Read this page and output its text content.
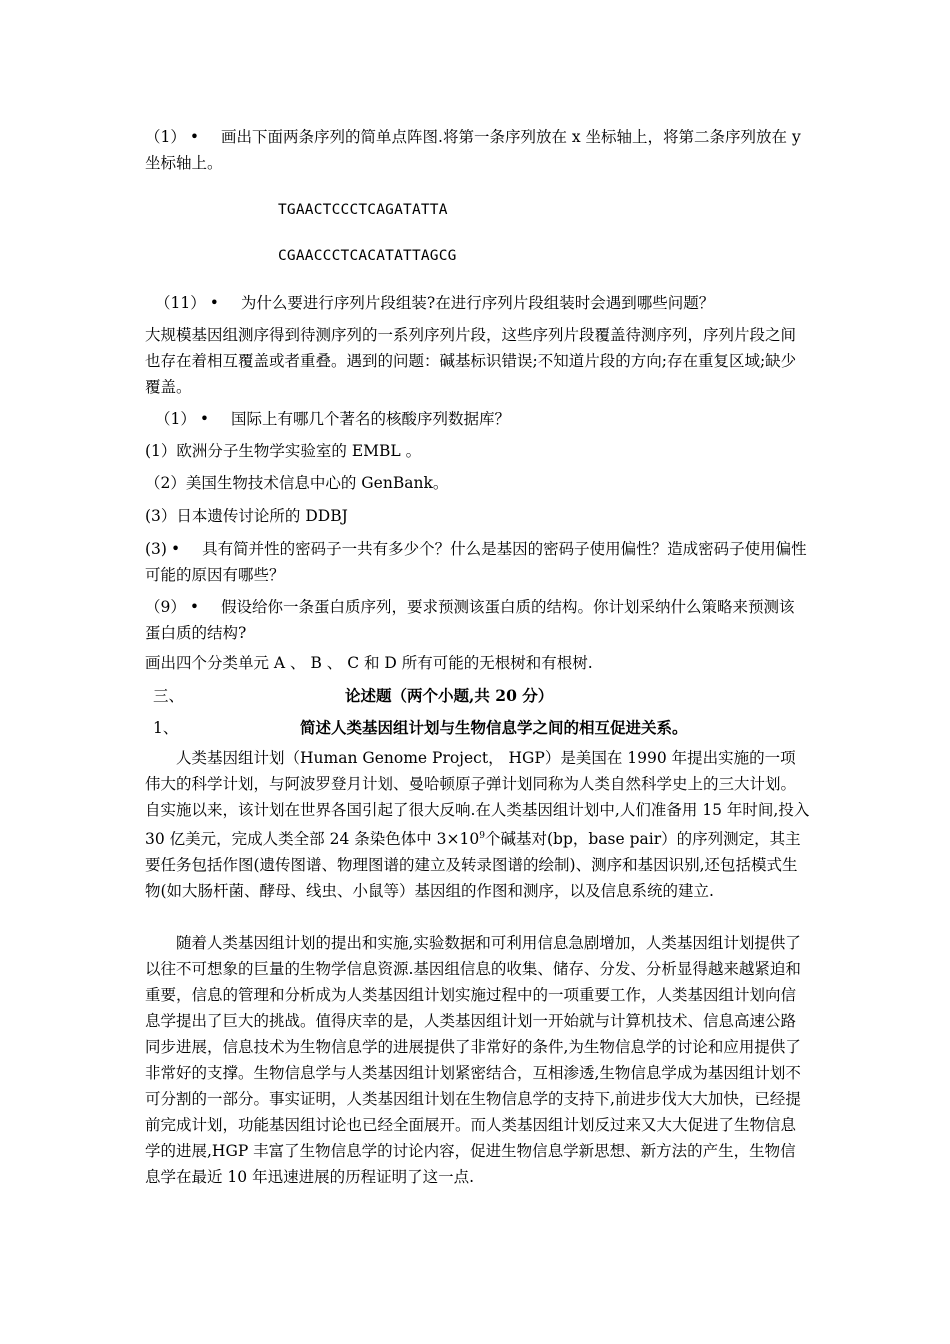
（1） • 画出下面两条序列的简单点阵图.将第一条序列放在 x 坐标轴上，将第二条序列放在 y 坐标轴上。

TGAACTCCCTCAGATATTA
CGAACCCTCACATATTAGCG

（11） • 为什么要进行序列片段组装?在进行序列片段组装时会遇到哪些问题？

大规模基因组测序得到待测序列的一系列序列片段，这些序列片段覆盖待测序列，序列片段之间也存在着相互覆盖或者重叠。遇到的问题：碱基标识错误;不知道片段的方向;存在重复区域;缺少覆盖。

（1） • 国际上有哪几个著名的核酸序列数据库？

(1）欧洲分子生物学实验室的 EMBL 。

（2）美国生物技术信息中心的 GenBank。

(3）日本遗传讨论所的 DDBJ

(3) • 具有简并性的密码子一共有多少个？什么是基因的密码子使用偏性？造成密码子使用偏性可能的原因有哪些？

（9） • 假设给你一条蛋白质序列，要求预测该蛋白质的结构。你计划采纳什么策略来预测该蛋白质的结构?

画出四个分类单元 A 、 B 、 C 和 D 所有可能的无根树和有根树.

三、	论述题（两个小题,共 20 分）
1、	简述人类基因组计划与生物信息学之间的相互促进关系。

人类基因组计划（Human Genome Project， HGP）是美国在 1990 年提出实施的一项伟大的科学计划，与阿波罗登月计划、曼哈顿原子弹计划同称为人类自然科学史上的三大计划。自实施以来，该计划在世界各国引起了很大反响.在人类基因组计划中,人们准备用 15 年时间,投入 30 亿美元，完成人类全部 24 条染色体中 $3\times 10^9$个碱基对(bp，base pair）的序列测定，其主要任务包括作图(遗传图谱、物理图谱的建立及转录图谱的绘制)、测序和基因识别,还包括模式生物(如大肠杆菌、酵母、线虫、小鼠等）基因组的作图和测序，以及信息系统的建立.

随着人类基因组计划的提出和实施,实验数据和可利用信息急剧增加，人类基因组计划提供了以往不可想象的巨量的生物学信息资源.基因组信息的收集、储存、分发、分析显得越来越紧迫和重要，信息的管理和分析成为人类基因组计划实施过程中的一项重要工作，人类基因组计划向信息学提出了巨大的挑战。值得庆幸的是，人类基因组计划一开始就与计算机技术、信息高速公路同步进展，信息技术为生物信息学的进展提供了非常好的条件,为生物信息学的讨论和应用提供了非常好的支撑。生物信息学与人类基因组计划紧密结合，互相渗透,生物信息学成为基因组计划不可分割的一部分。事实证明，人类基因组计划在生物信息学的支持下,前进步伐大大加快，已经提前完成计划，功能基因组讨论也已经全面展开。而人类基因组计划反过来又大大促进了生物信息学的进展,HGP 丰富了生物信息学的讨论内容，促进生物信息学新思想、新方法的产生，生物信息学在最近 10 年迅速进展的历程证明了这一点.
